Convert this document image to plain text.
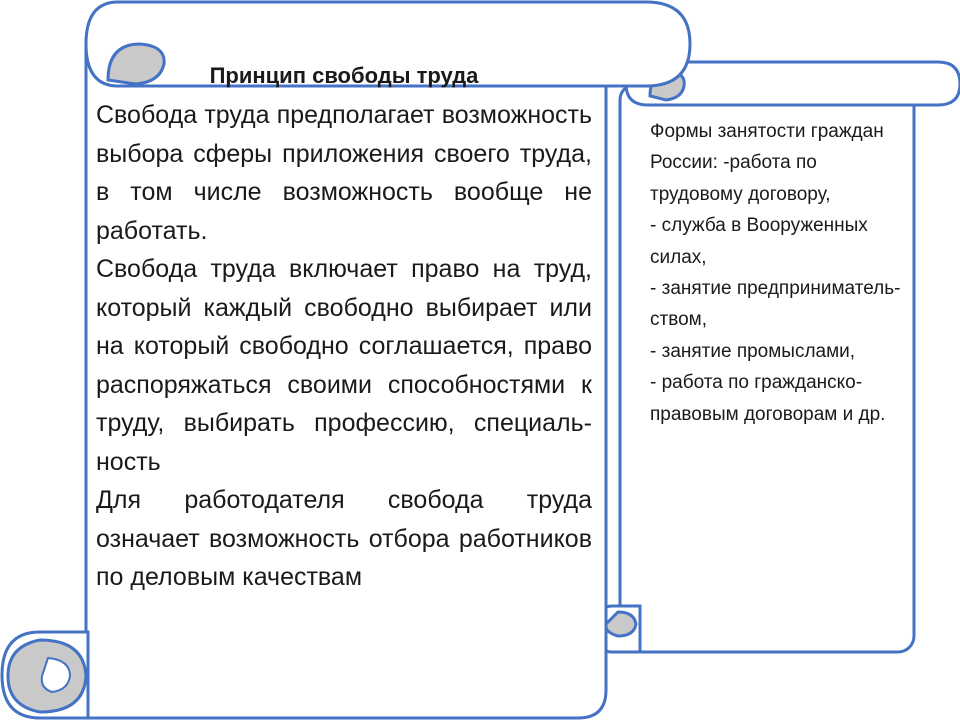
Принцип свободы труда

Свобода труда предполагает возможность выбора сферы приложения своего труда, в том числе возможность вообще не работать.

Свобода труда включает право на труд, который каждый свободно выбирает или на который свободно соглашается, право распоряжаться своими способностями к труду, выбирать профессию, специаль-ность

Для работодателя свобода труда означает возможность отбора работников по деловым качествам

Формы занятости граждан России: -работа по трудовому договору,

- служба в Вооруженных силах,

- занятие предприниматель-ством,

- занятие промыслами,

- работа по гражданско-правовым договорам и др.
